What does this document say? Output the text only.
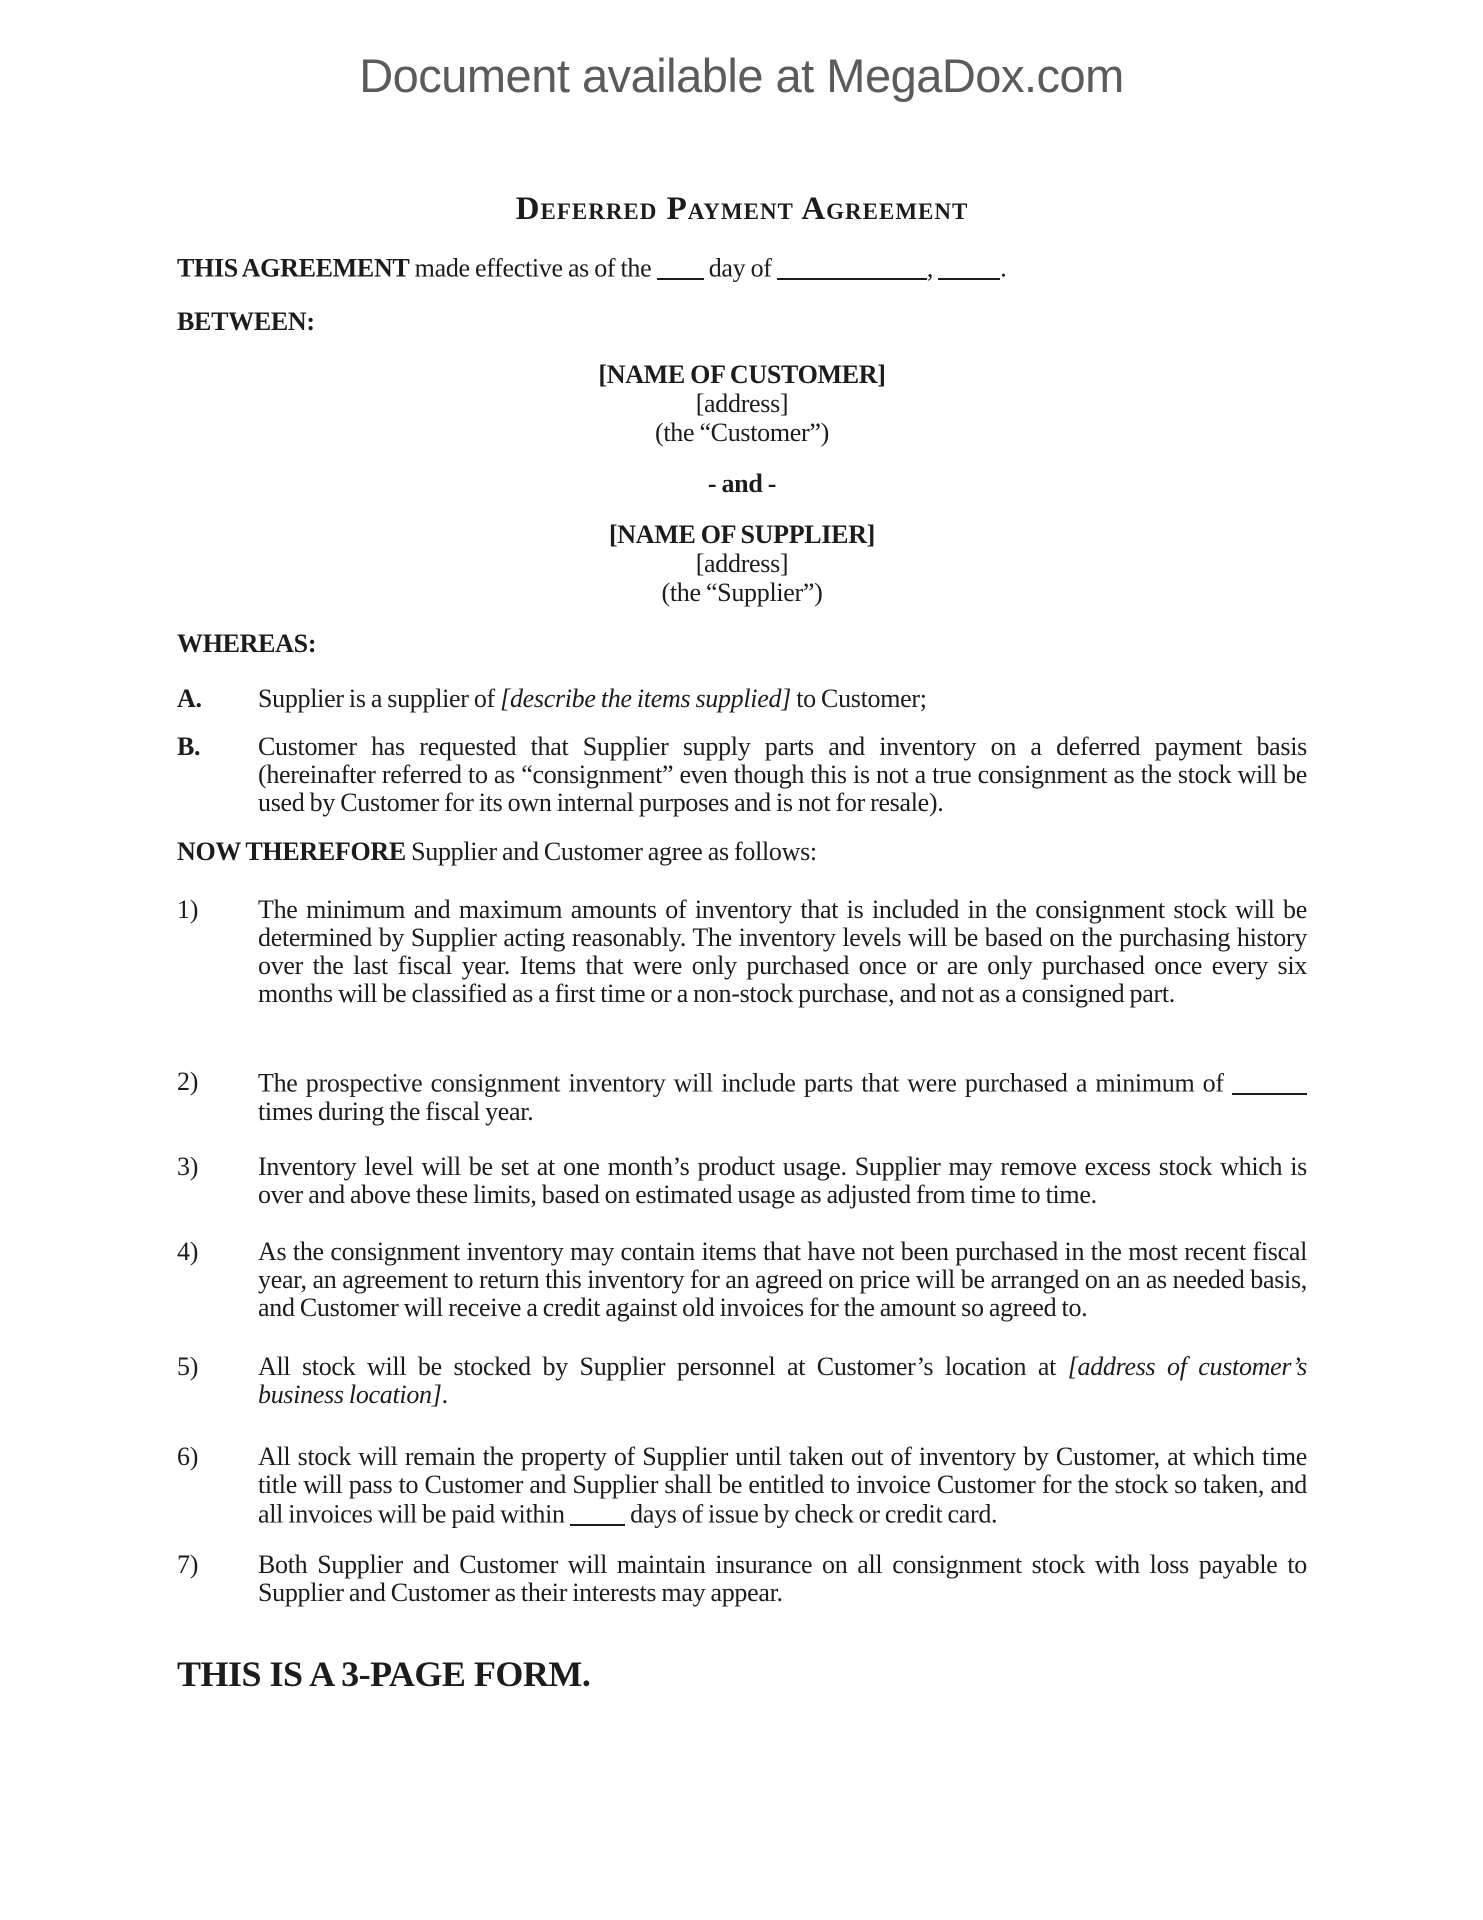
Document available at MegaDox.com
Deferred Payment Agreement

THIS AGREEMENT made effective as of the  day of	, .

BETWEEN:

[NAME OF CUSTOMER]
[address]
(the “Customer”)
- and -
[NAME OF SUPPLIER]
[address]
(the “Supplier”)

WHEREAS:

A. Supplier is a supplier of [describe the items supplied] to Customer;
B. Customer has requested that Supplier supply parts and inventory on a deferred payment basis (hereinafter referred to as “consignment” even though this is not a true consignment as the stock will be used by Customer for its own internal purposes and is not for resale).

NOW THEREFORE Supplier and Customer agree as follows:

1) The minimum and maximum amounts of inventory that is included in the consignment stock will be determined by Supplier acting reasonably. The inventory levels will be based on the purchasing history over the last fiscal year. Items that were only purchased once or are only purchased once every six months will be classified as a first time or a non-stock purchase, and not as a consigned part.
2) The prospective consignment inventory will include parts that were purchased a minimum of  times during the fiscal year.
3) Inventory level will be set at one month’s product usage. Supplier may remove excess stock which is over and above these limits, based on estimated usage as adjusted from time to time.
4) As the consignment inventory may contain items that have not been purchased in the most recent fiscal year, an agreement to return this inventory for an agreed on price will be arranged on an as needed basis, and Customer will receive a credit against old invoices for the amount so agreed to.
5) All stock will be stocked by Supplier personnel at Customer’s location at [address of customer’s business location].
6) All stock will remain the property of Supplier until taken out of inventory by Customer, at which time title will pass to Customer and Supplier shall be entitled to invoice Customer for the stock so taken, and all invoices will be paid within  days of issue by check or credit card.
7) Both Supplier and Customer will maintain insurance on all consignment stock with loss payable to Supplier and Customer as their interests may appear.
THIS IS A 3-PAGE FORM.
